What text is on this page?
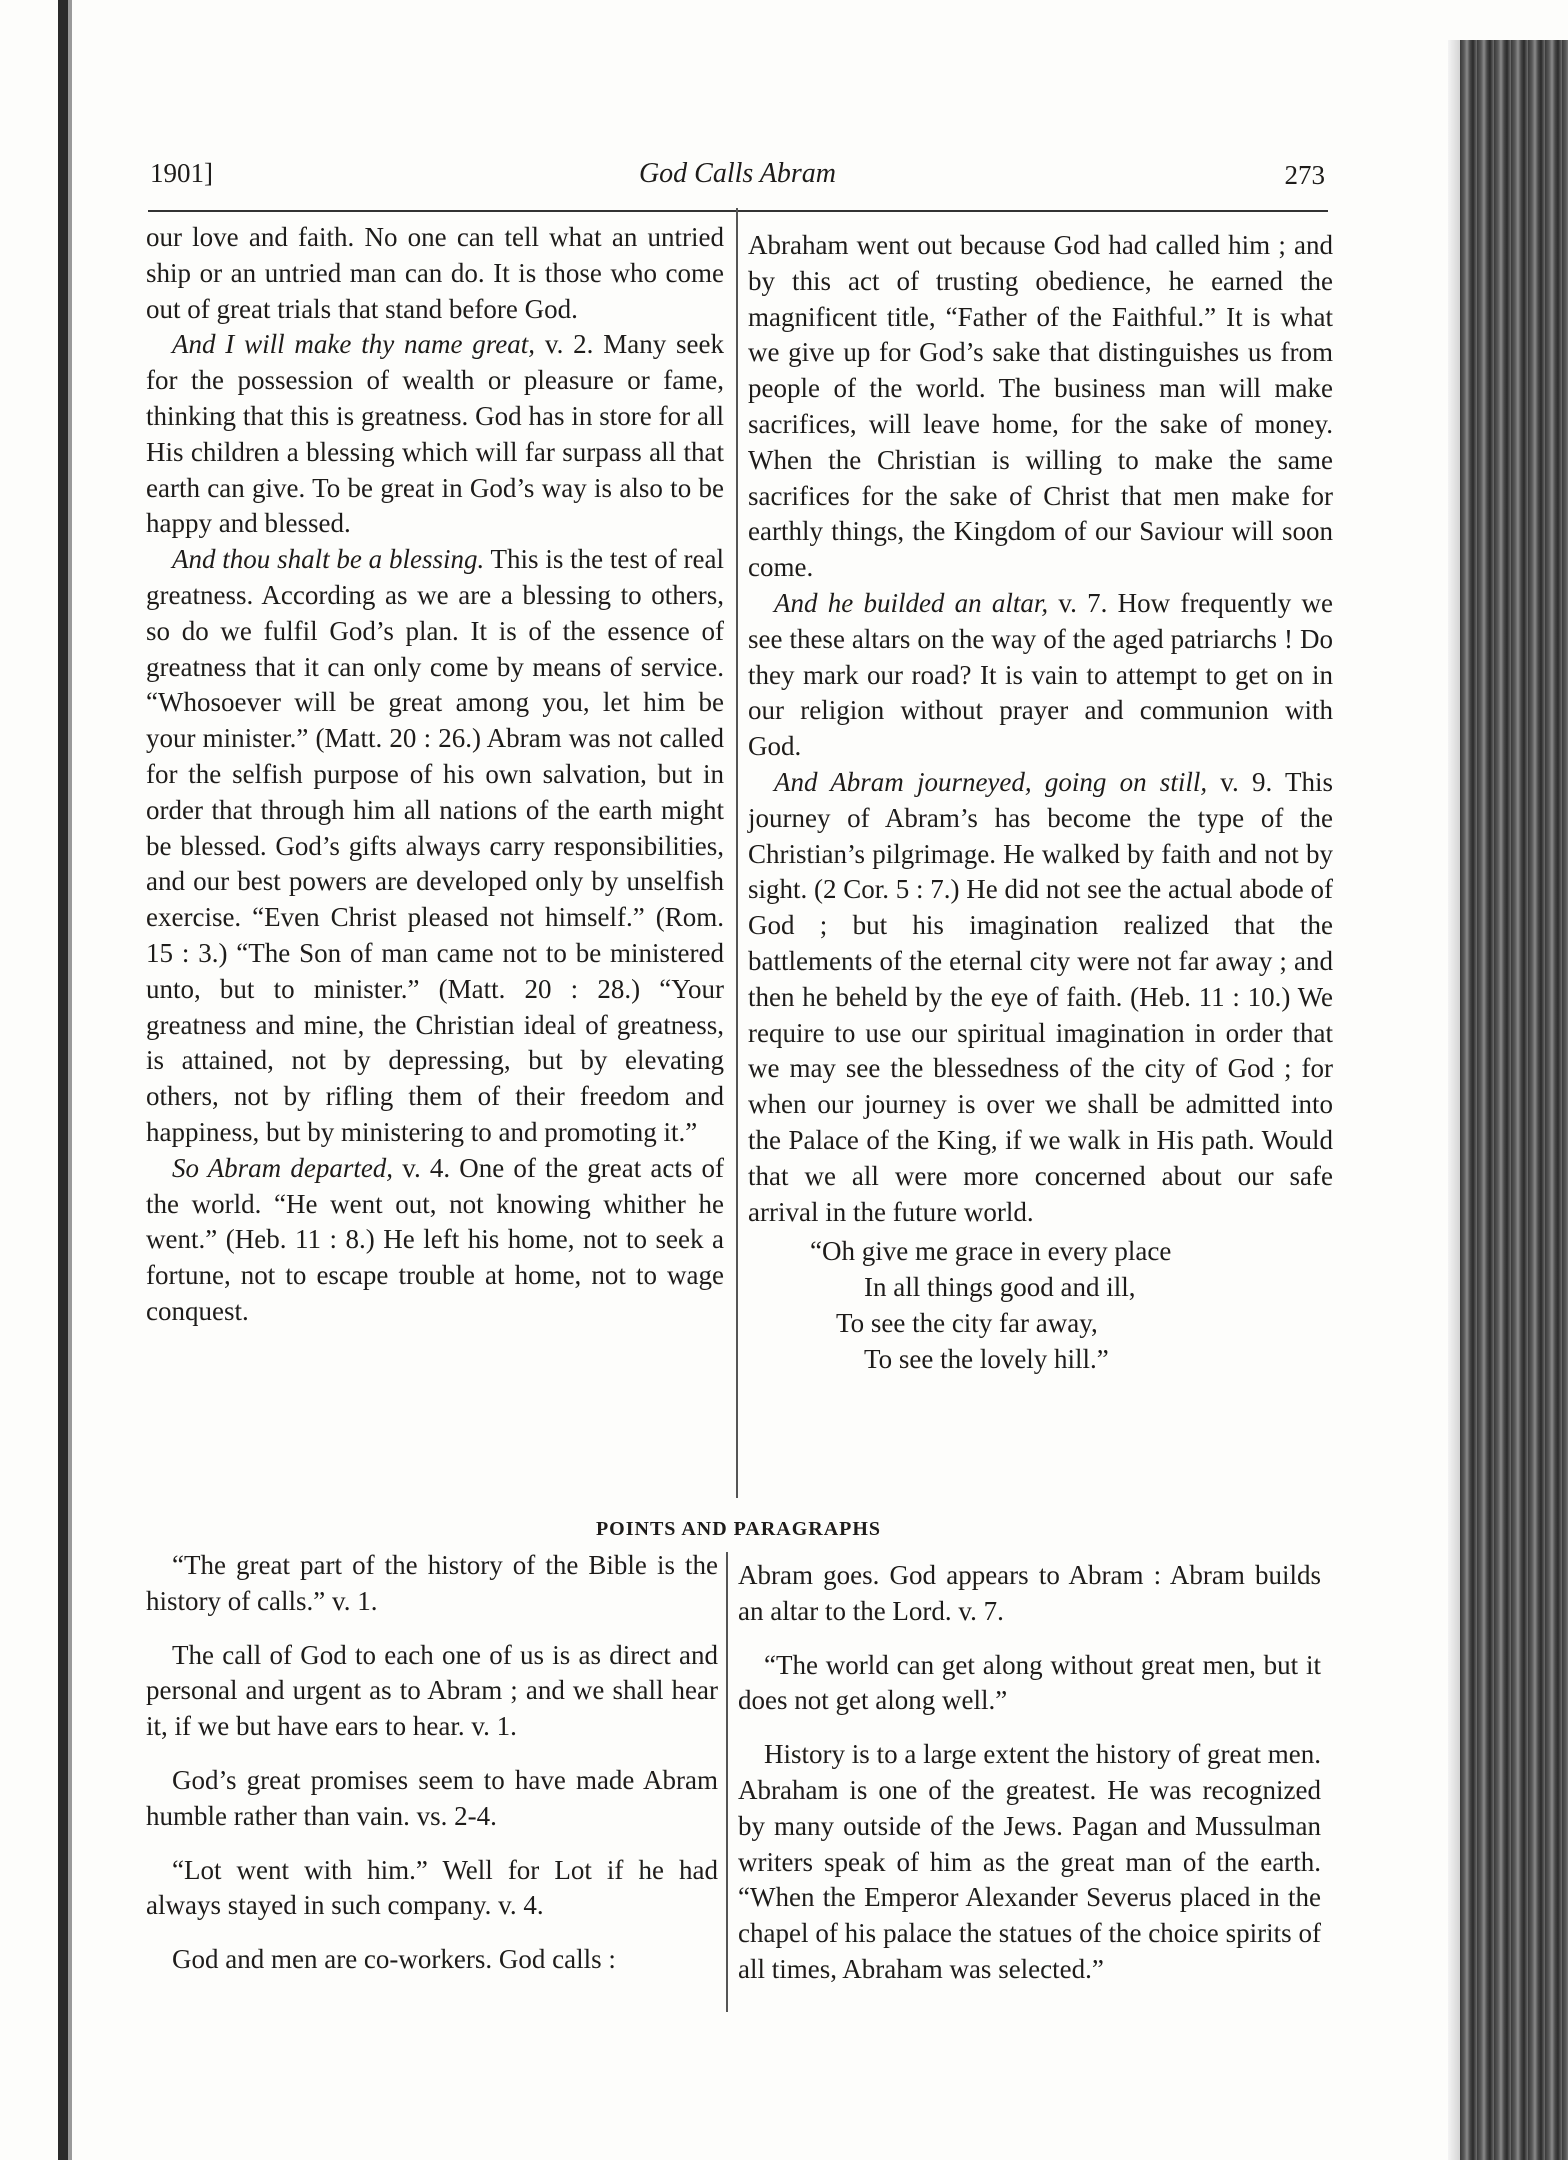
1901]	God Calls Abram	273

our love and faith. No one can tell what an untried ship or an untried man can do. It is those who come out of great trials that stand before God.

And I will make thy name great, v. 2. Many seek for the possession of wealth or pleasure or fame, thinking that this is greatness. God has in store for all His children a blessing which will far surpass all that earth can give. To be great in God’s way is also to be happy and blessed.

And thou shalt be a blessing. This is the test of real greatness. According as we are a blessing to others, so do we fulfil God’s plan. It is of the essence of greatness that it can only come by means of service. “Whosoever will be great among you, let him be your minister.” (Matt. 20 : 26.) Abram was not called for the selfish purpose of his own salvation, but in order that through him all nations of the earth might be blessed. God’s gifts always carry responsibilities, and our best powers are developed only by unselfish exercise. “Even Christ pleased not himself.” (Rom. 15 : 3.) “The Son of man came not to be ministered unto, but to minister.” (Matt. 20 : 28.) “Your greatness and mine, the Christian ideal of greatness, is attained, not by depressing, but by elevating others, not by rifling them of their freedom and happiness, but by ministering to and promoting it.”

So Abram departed, v. 4. One of the great acts of the world. “He went out, not knowing whither he went.” (Heb. 11 : 8.) He left his home, not to seek a fortune, not to escape trouble at home, not to wage conquest.

Abraham went out because God had called him ; and by this act of trusting obedience, he earned the magnificent title, “Father of the Faithful.” It is what we give up for God’s sake that distinguishes us from people of the world. The business man will make sacrifices, will leave home, for the sake of money. When the Christian is willing to make the same sacrifices for the sake of Christ that men make for earthly things, the Kingdom of our Saviour will soon come.

And he builded an altar, v. 7. How frequently we see these altars on the way of the aged patriarchs ! Do they mark our road? It is vain to attempt to get on in our religion without prayer and communion with God.

And Abram journeyed, going on still, v. 9. This journey of Abram’s has become the type of the Christian’s pilgrimage. He walked by faith and not by sight. (2 Cor. 5 : 7.) He did not see the actual abode of God ; but his imagination realized that the battlements of the eternal city were not far away ; and then he beheld by the eye of faith. (Heb. 11 : 10.) We require to use our spiritual imagination in order that we may see the blessedness of the city of God ; for when our journey is over we shall be admitted into the Palace of the King, if we walk in His path. Would that we all were more concerned about our safe arrival in the future world.

“Oh give me grace in every place
In all things good and ill,
To see the city far away,
To see the lovely hill.”
POINTS AND PARAGRAPHS

“The great part of the history of the Bible is the history of calls.” v. 1.

The call of God to each one of us is as direct and personal and urgent as to Abram ; and we shall hear it, if we but have ears to hear. v. 1.

God’s great promises seem to have made Abram humble rather than vain. vs. 2-4.

“Lot went with him.” Well for Lot if he had always stayed in such company. v. 4.

God and men are co-workers. God calls :

Abram goes. God appears to Abram : Abram builds an altar to the Lord. v. 7.

“The world can get along without great men, but it does not get along well.”

History is to a large extent the history of great men. Abraham is one of the greatest. He was recognized by many outside of the Jews. Pagan and Mussulman writers speak of him as the great man of the earth. “When the Emperor Alexander Severus placed in the chapel of his palace the statues of the choice spirits of all times, Abraham was selected.”
